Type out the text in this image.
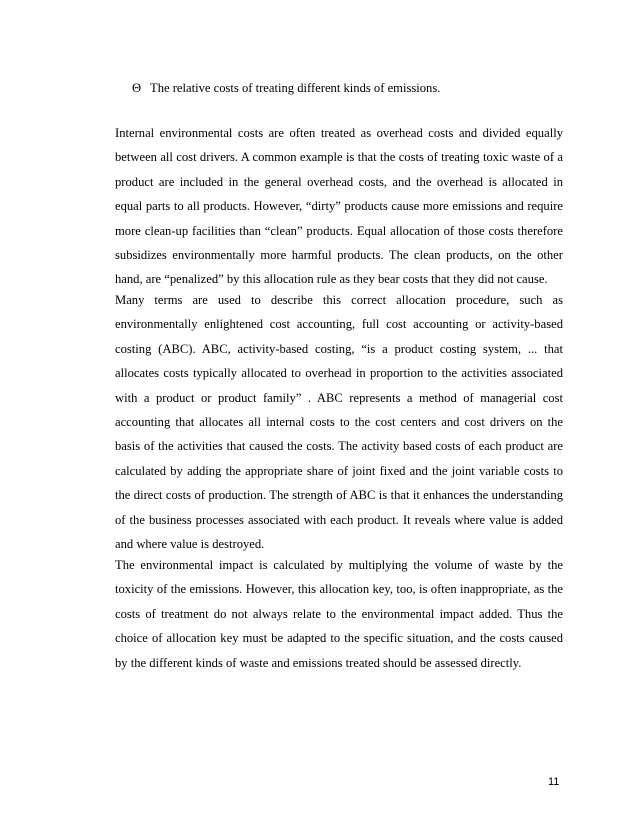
Θ The relative costs of treating different kinds of emissions.

Internal environmental costs are often treated as overhead costs and divided equally between all cost drivers. A common example is that the costs of treating toxic waste of a product are included in the general overhead costs, and the overhead is allocated in equal parts to all products. However, “dirty” products cause more emissions and require more clean-up facilities than “clean” products. Equal allocation of those costs therefore subsidizes environmentally more harmful products. The clean products, on the other hand, are “penalized” by this allocation rule as they bear costs that they did not cause.

Many terms are used to describe this correct allocation procedure, such as environmentally enlightened cost accounting, full cost accounting or activity-based costing (ABC). ABC, activity-based costing, “is a product costing system, ... that allocates costs typically allocated to overhead in proportion to the activities associated with a product or product family” . ABC represents a method of managerial cost accounting that allocates all internal costs to the cost centers and cost drivers on the basis of the activities that caused the costs. The activity based costs of each product are calculated by adding the appropriate share of joint fixed and the joint variable costs to the direct costs of production. The strength of ABC is that it enhances the understanding of the business processes associated with each product. It reveals where value is added and where value is destroyed.

The environmental impact is calculated by multiplying the volume of waste by the toxicity of the emissions. However, this allocation key, too, is often inappropriate, as the costs of treatment do not always relate to the environmental impact added. Thus the choice of allocation key must be adapted to the specific situation, and the costs caused by the different kinds of waste and emissions treated should be assessed directly.

11
